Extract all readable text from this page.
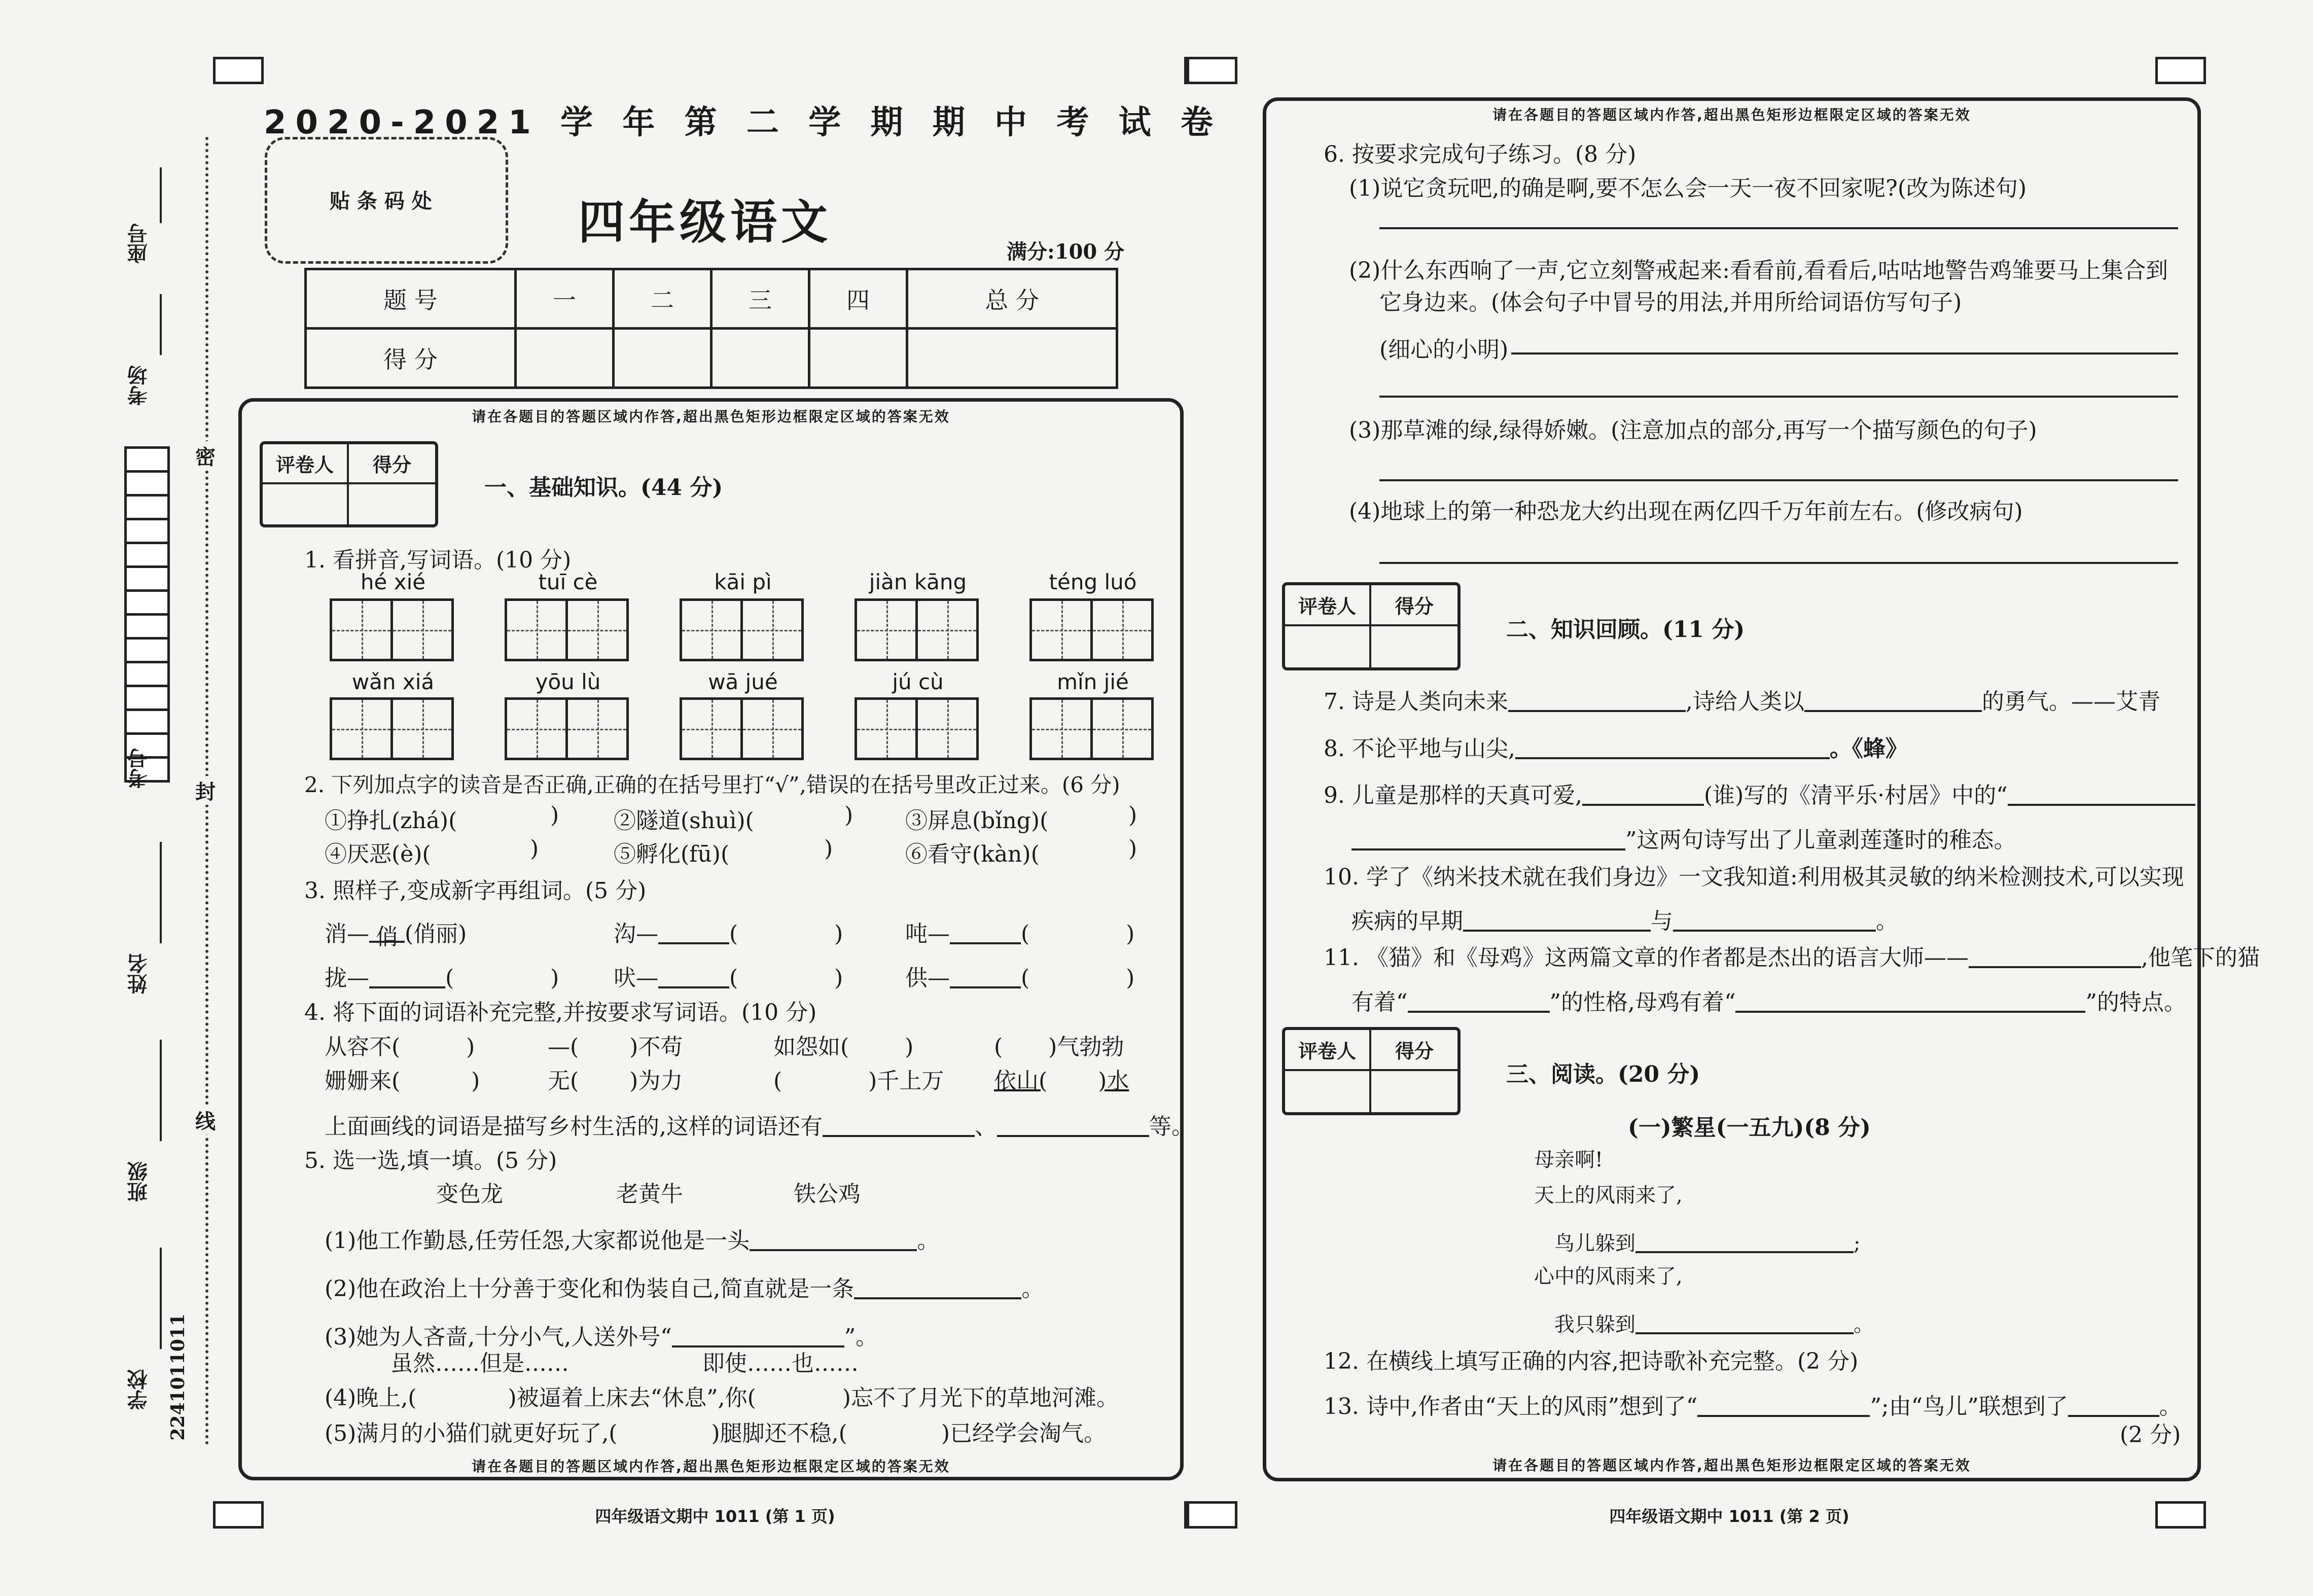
座号
考场
考号
姓名
班级
学校 2241011011
密
封
线
2020-2021 学 年 第 二 学 期 期 中 考 试 卷
贴 条 码 处	四年级语文
满分:100 分
题 号	一	二	三	四	总 分
得 分					
请在各题目的答题区域内作答,超出黑色矩形边框限定区域的答案无效
请在各题目的答题区域内作答,超出黑色矩形边框限定区域的答案无效
评卷人	得分
一、基础知识。(44 分)
1. 看拼音,写词语。(10 分)
hé xié	tuī cè	kāi pì	jiàn kāng	téng luó
wǎn xiá	yōu lù	wā jué	jú cù	mǐn jié
2. 下列加点字的读音是否正确,正确的在括号里打“√”,错误的在括号里改正过来。(6 分)
①挣扎(zhá)(	) ②隧道(shuì)(	) ③屏息(bǐng)(	)
④厌恶(è)(	)	⑤孵化(fū)(	)	⑥看守(kàn)(	)
3. 照样子,变成新字再组词。(5 分)
消— 俏 (俏丽)	沟—	(	)	吨—	(	)
拢—	(	) 吠—	(	)	供—	(	)
4. 将下面的词语补充完整,并按要求写词语。(10 分)
从容不(	)	—( )不苟	如怨如(	)	( )气勃勃
姗姗来(	)	无( )为力	(	)千上万 依山( )水
上面画线的词语是描写乡村生活的,这样的词语还有	、	等。
5. 选一选,填一填。(5 分)
变色龙	老黄牛	铁公鸡
(1)他工作勤恳,任劳任怨,大家都说他是一头	。
(2)他在政治上十分善于变化和伪装自己,简直就是一条	。
(3)她为人吝啬,十分小气,人送外号“	”。
虽然……但是……	即使……也……
(4)晚上,(	)被逼着上床去“休息”,你(	)忘不了月光下的草地河滩。
(5)满月的小猫们就更好玩了,(	)腿脚还不稳,(	)已经学会淘气。
四年级语文期中 1011 (第 1 页)
请在各题目的答题区域内作答,超出黑色矩形边框限定区域的答案无效
请在各题目的答题区域内作答,超出黑色矩形边框限定区域的答案无效
6. 按要求完成句子练习。(8 分)
(1)说它贪玩吧,的确是啊,要不怎么会一天一夜不回家呢?(改为陈述句)
(2)什么东西响了一声,它立刻警戒起来:看看前,看看后,咕咕地警告鸡雏要马上集合到
它身边来。(体会句子中冒号的用法,并用所给词语仿写句子)
(细心的小明)
(3)那草滩的绿,绿得娇嫩。(注意加点的部分,再写一个描写颜色的句子)
(4)地球上的第一种恐龙大约出现在两亿四千万年前左右。(修改病句)
评卷人	得分
二、知识回顾。(11 分)
7. 诗是人类向未来	,诗给人类以	的勇气。——艾青
8. 不论平地与山尖,	。《蜂》
9. 儿童是那样的天真可爱,	(谁)写的《清平乐·村居》中的“
”这两句诗写出了儿童剥莲蓬时的稚态。
10. 学了《纳米技术就在我们身边》一文我知道:利用极其灵敏的纳米检测技术,可以实现
疾病的早期	与	。
11. 《猫》和《母鸡》这两篇文章的作者都是杰出的语言大师——	,他笔下的猫
有着“	”的性格,母鸡有着“	”的特点。
评卷人	得分
三、阅读。(20 分)
(一)繁星(一五九)(8 分)
母亲啊!
天上的风雨来了,
鸟儿躲到	;
心中的风雨来了,
我只躲到	。
12. 在横线上填写正确的内容,把诗歌补充完整。(2 分)
13. 诗中,作者由“天上的风雨”想到了“	”;由“鸟儿”联想到了	。
(2 分)
四年级语文期中 1011 (第 2 页)
